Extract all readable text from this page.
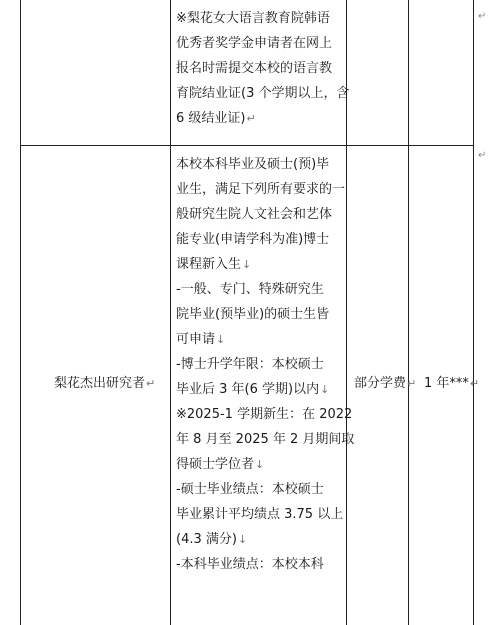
↵
↵
※梨花女大语言教育院韩语
优秀者奖学金申请者在网上
报名时需提交本校的语言教
育院结业证(3 个学期以上，含
6 级结业证)↵
梨花杰出研究者↵	部分学费↵ 1 年***↵
本校本科毕业及硕士(预)毕
业生，满足下列所有要求的一
般研究生院人文社会和艺体
能专业(申请学科为准)博士
课程新入生↓
-一般、专门、特殊研究生
院毕业(预毕业)的硕士生皆
可申请↓
-博士升学年限：本校硕士
毕业后 3 年(6 学期)以内↓
※2025-1 学期新生：在 2022
年 8 月至 2025 年 2 月期间取
得硕士学位者↓
-硕士毕业绩点：本校硕士
毕业累计平均绩点 3.75 以上
(4.3 满分)↓
-本科毕业绩点：本校本科
